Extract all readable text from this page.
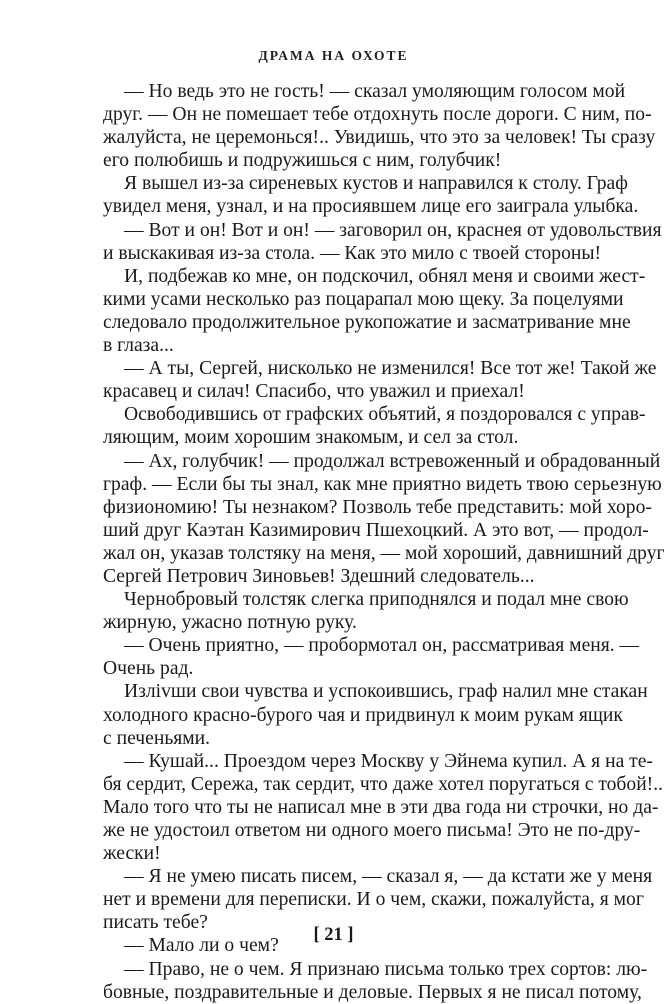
ДРАМА НА ОХОТЕ
— Но ведь это не гость! — сказал умоляющим голосом мой
друг. — Он не помешает тебе отдохнуть после дороги. С ним, по-
жалуйста, не церемонься!.. Увидишь, что это за человек! Ты сразу
его полюбишь и подружишься с ним, голубчик!
Я вышел из-за сиреневых кустов и направился к столу. Граф
увидел меня, узнал, и на просиявшем лице его заиграла улыбка.
— Вот и он! Вот и он! — заговорил он, краснея от удовольствия
и выскакивая из-за стола. — Как это мило с твоей стороны!
И, подбежав ко мне, он подскочил, обнял меня и своими жест-
кими усами несколько раз поцарапал мою щеку. За поцелуями
следовало продолжительное рукопожатие и засматривание мне
в глаза...
— А ты, Сергей, нисколько не изменился! Все тот же! Такой же
красавец и силач! Спасибо, что уважил и приехал!
Освободившись от графских объятий, я поздоровался с управ-
ляющим, моим хорошим знакомым, и сел за стол.
— Ах, голубчик! — продолжал встревоженный и обрадованный
граф. — Если бы ты знал, как мне приятно видеть твою серьезную
физиономию! Ты незнаком? Позволь тебе представить: мой хоро-
ший друг Каэтан Казимирович Пшехоцкий. А это вот, — продол-
жал он, указав толстяку на меня, — мой хороший, давнишний друг
Сергей Петрович Зиновьев! Здешний следователь...
Чернобровый толстяк слегка приподнялся и подал мне свою
жирную, ужасно потную руку.
— Очень приятно, — пробормотал он, рассматривая меня. —
Очень рад.
Излivши свои чувства и успокоившись, граф налил мне стакан
холодного красно-бурого чая и придвинул к моим рукам ящик
с печеньями.
— Кушай... Проездом через Москву у Эйнема купил. А я на те-
бя сердит, Сережа, так сердит, что даже хотел поругаться с тобой!..
Мало того что ты не написал мне в эти два года ни строчки, но да-
же не удостоил ответом ни одного моего письма! Это не по-дру-
жески!
— Я не умею писать писем, — сказал я, — да кстати же у меня
нет и времени для переписки. И о чем, скажи, пожалуйста, я мог
писать тебе?
— Мало ли о чем?
— Право, не о чем. Я признаю письма только трех сортов: лю-
бовные, поздравительные и деловые. Первых я не писал потому,
[ 21 ]
